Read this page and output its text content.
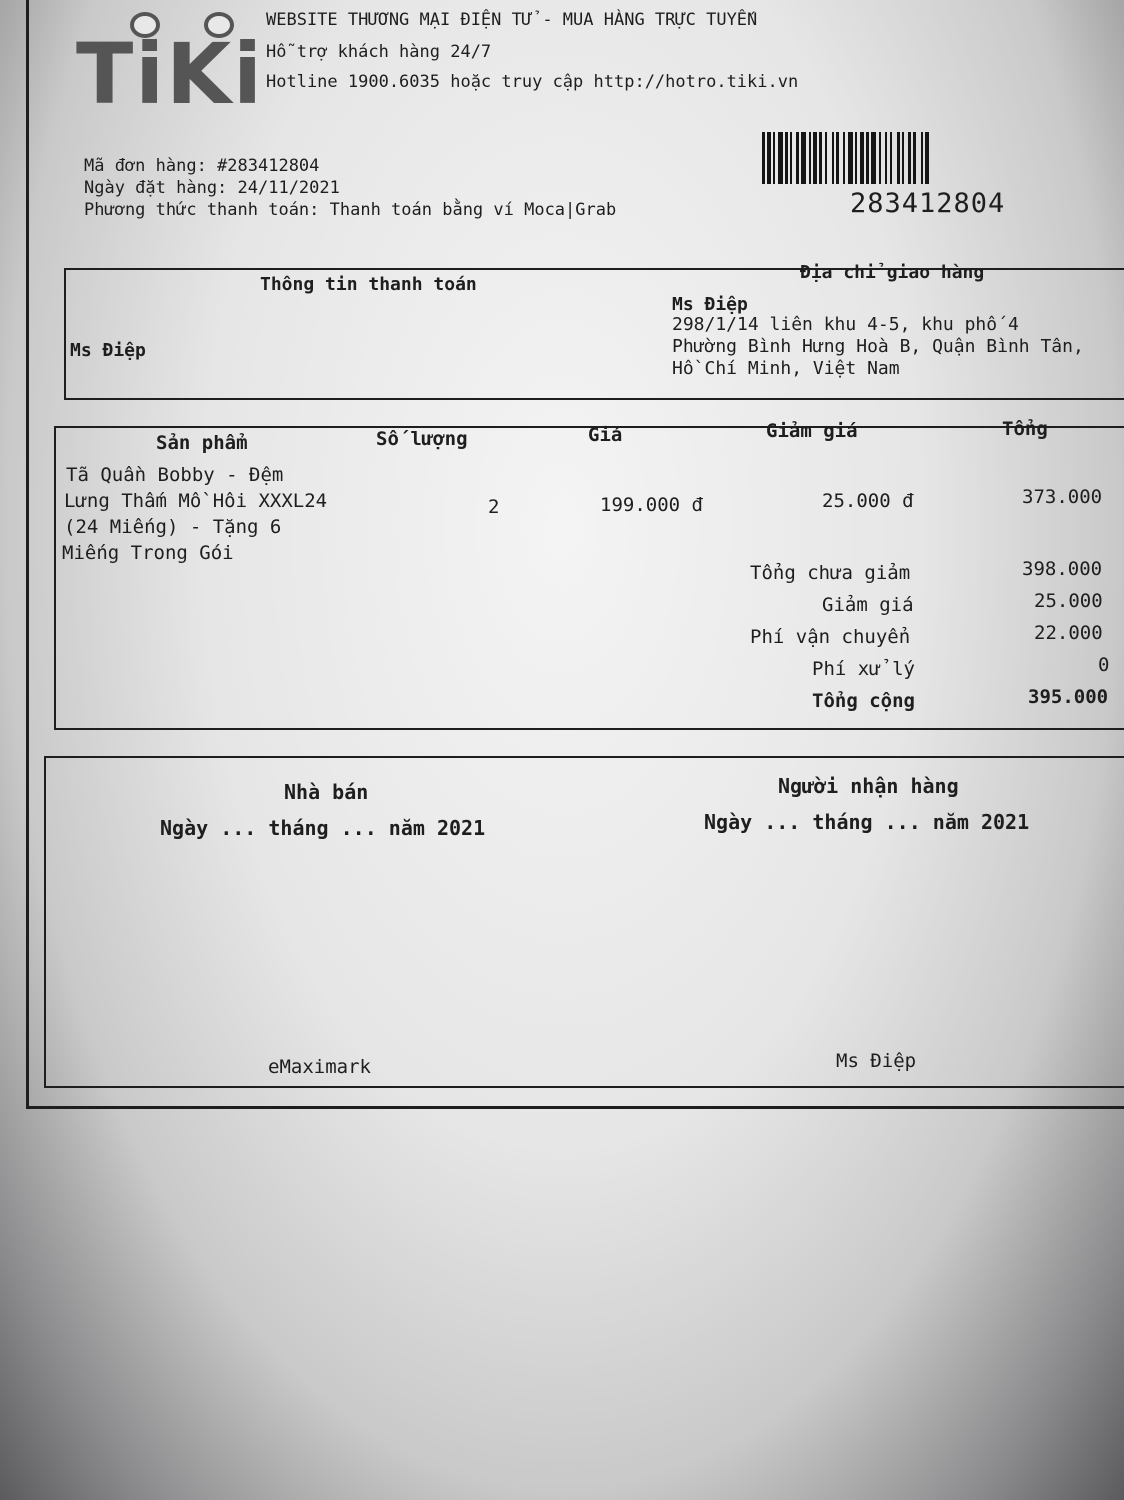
TiKi
WEBSITE THƯƠNG MẠI ĐIỆN TỬ - MUA HÀNG TRỰC TUYẾN
Hỗ trợ khách hàng 24/7
Hotline 1900.6035 hoặc truy cập http://hotro.tiki.vn
Mã đơn hàng: #283412804
Ngày đặt hàng: 24/11/2021
Phương thức thanh toán: Thanh toán bằng ví Moca|Grab	283412804
Thông tin thanh toán
Ms Điệp
Địa chỉ giao hàng
Ms Điệp
298/1/14 liên khu 4-5, khu phố 4
Phường Bình Hưng Hoà B, Quận Bình Tân,
Hồ Chí Minh, Việt Nam
Sản phẩm	Số lượng	Giá	Giảm giá	Tổng
Tã Quần Bobby - Đệm
Lưng Thấm Mồ Hôi XXXL24
(24 Miếng) - Tặng 6
Miếng Trong Gói
2	199.000 đ	25.000 đ	373.000
Tổng chưa giảm	398.000
Giảm giá	25.000
Phí vận chuyển	22.000
Phí xử lý	0
Tổng cộng	395.000
Nhà bán
Ngày ... tháng ... năm 2021
eMaximark
Người nhận hàng
Ngày ... tháng ... năm 2021
Ms Điệp
